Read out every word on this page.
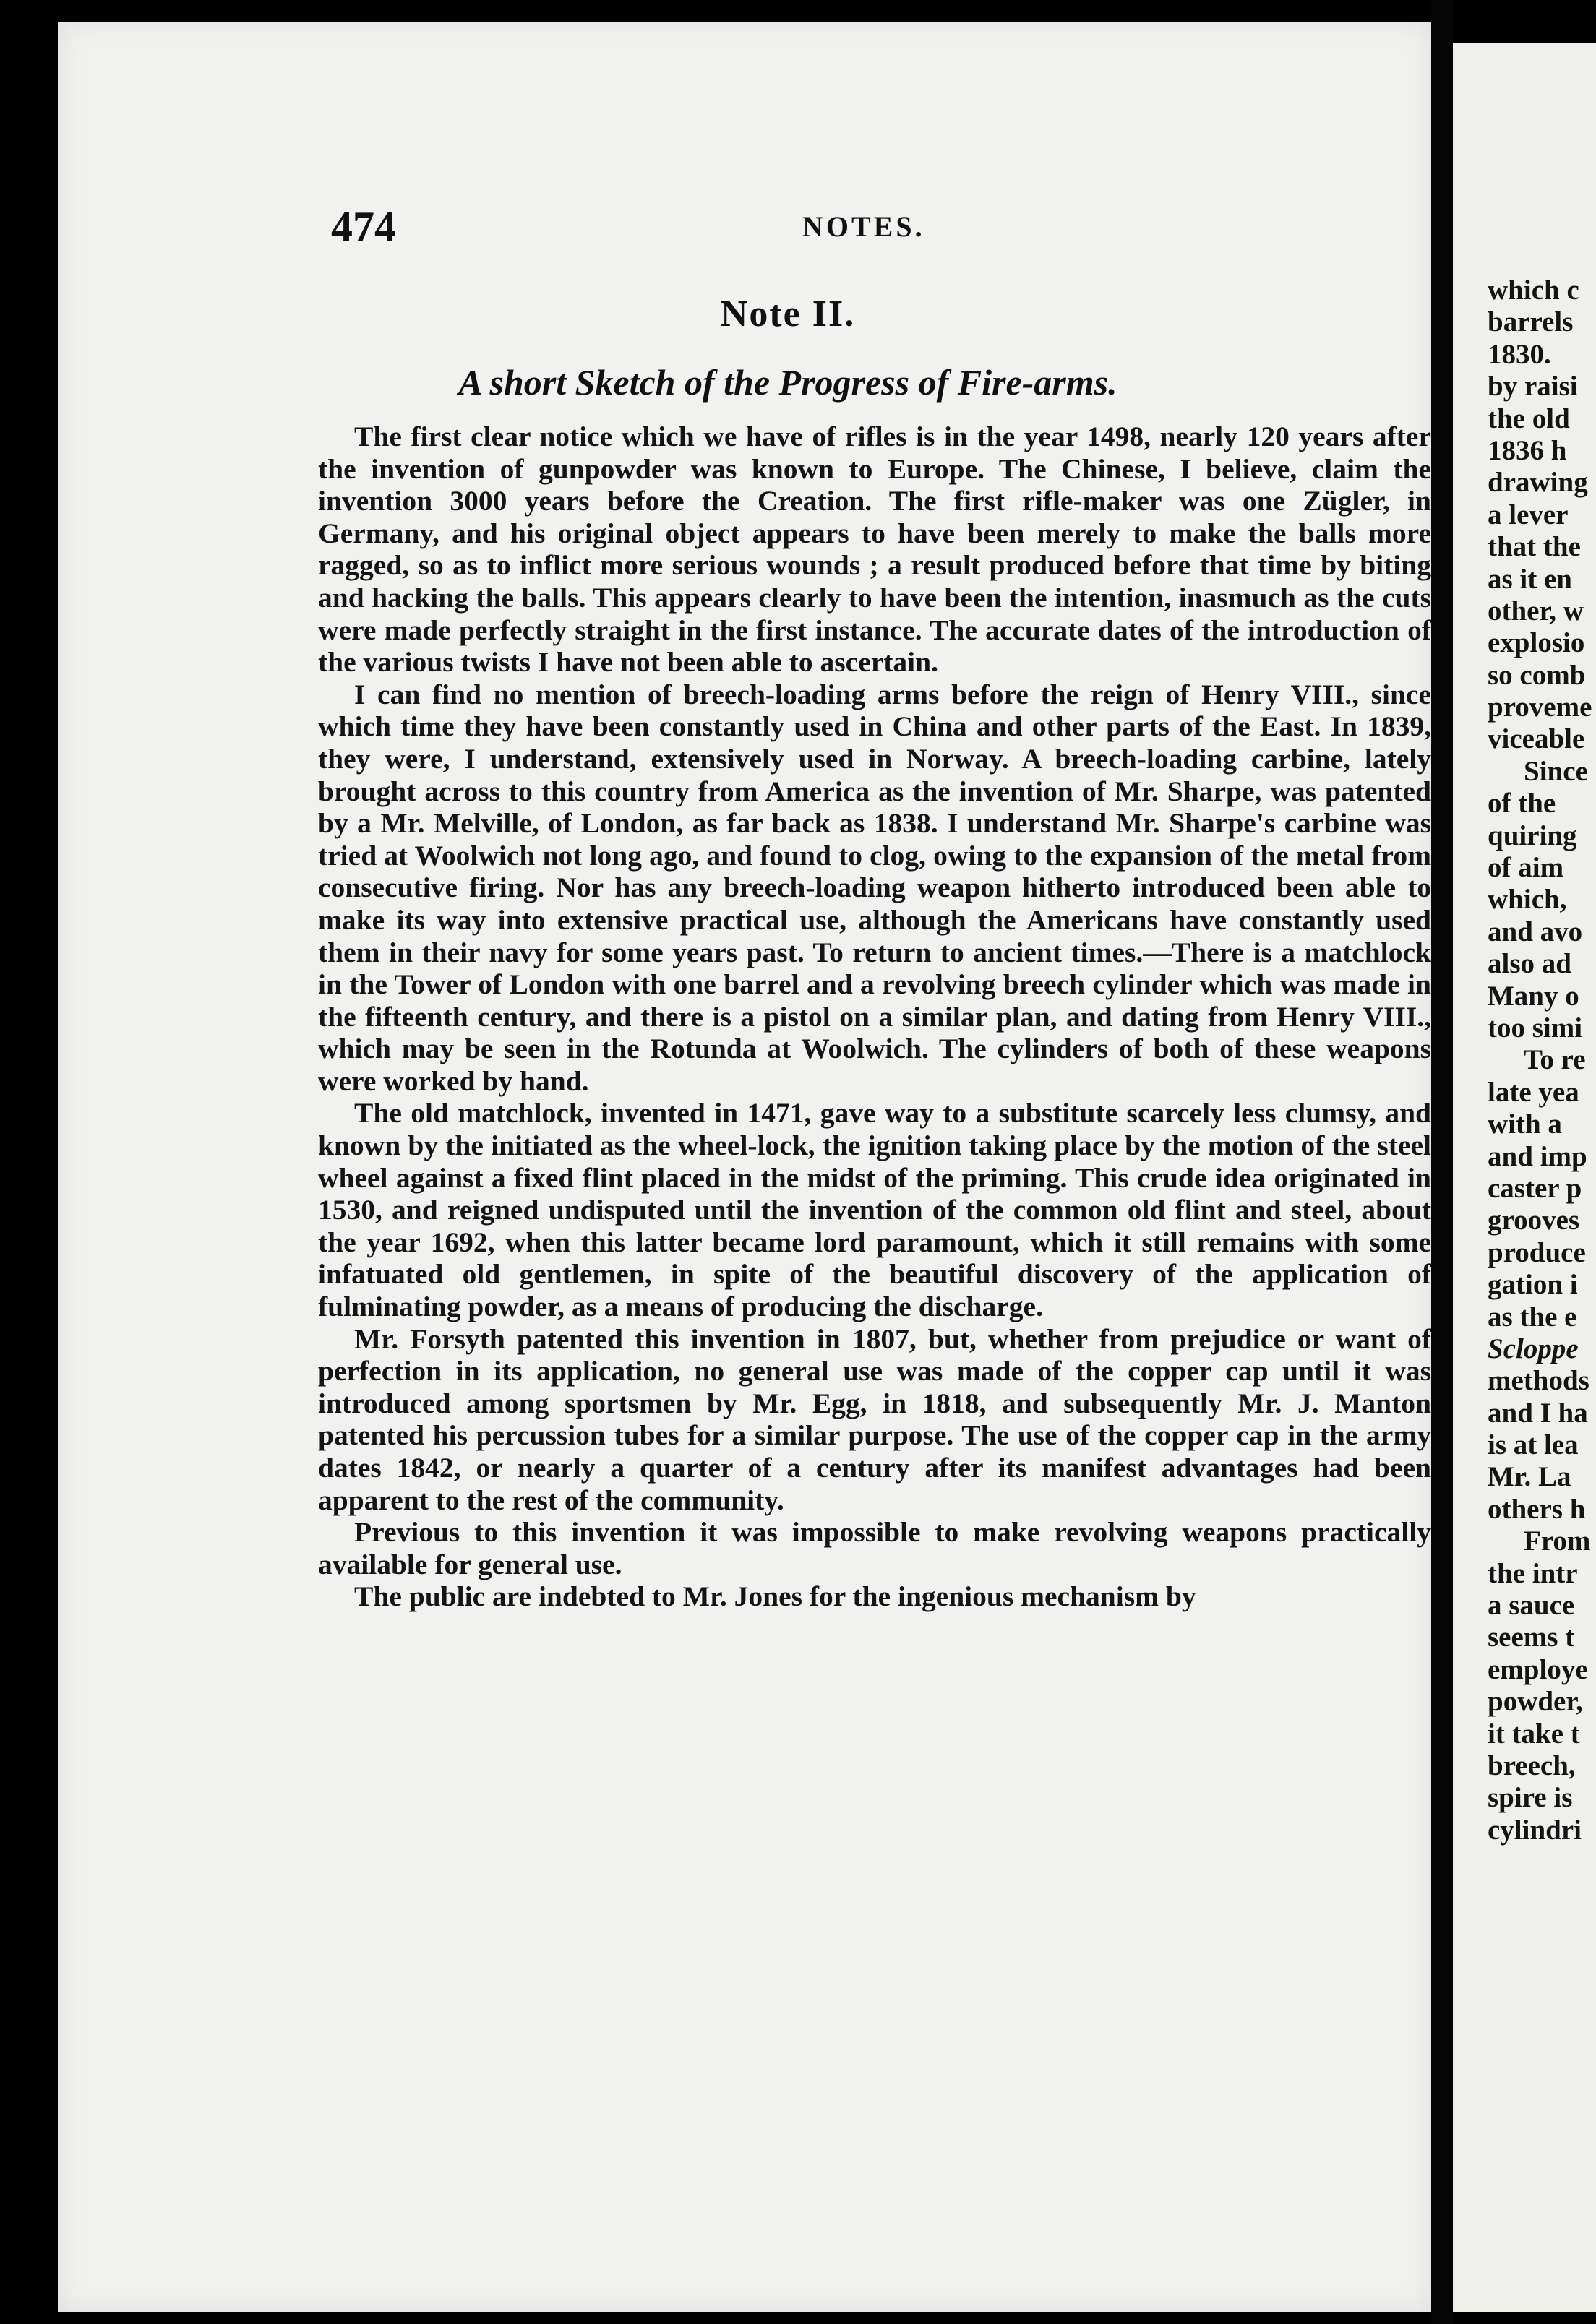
474	NOTES.
Note II.
A short Sketch of the Progress of Fire-arms.

The first clear notice which we have of rifles is in the year 1498, nearly 120 years after the invention of gunpowder was known to Europe. The Chinese, I believe, claim the invention 3000 years before the Creation. The first rifle-maker was one Zügler, in Germany, and his original object appears to have been merely to make the balls more ragged, so as to inflict more serious wounds ; a result produced before that time by biting and hacking the balls. This appears clearly to have been the intention, inasmuch as the cuts were made perfectly straight in the first instance. The accurate dates of the introduction of the various twists I have not been able to ascertain.

I can find no mention of breech-loading arms before the reign of Henry VIII., since which time they have been constantly used in China and other parts of the East. In 1839, they were, I understand, extensively used in Norway. A breech-loading carbine, lately brought across to this country from America as the invention of Mr. Sharpe, was patented by a Mr. Melville, of London, as far back as 1838. I understand Mr. Sharpe's carbine was tried at Woolwich not long ago, and found to clog, owing to the expansion of the metal from consecutive firing. Nor has any breech-loading weapon hitherto introduced been able to make its way into extensive practical use, although the Americans have constantly used them in their navy for some years past. To return to ancient times.—There is a matchlock in the Tower of London with one barrel and a revolving breech cylinder which was made in the fifteenth century, and there is a pistol on a similar plan, and dating from Henry VIII., which may be seen in the Rotunda at Woolwich. The cylinders of both of these weapons were worked by hand.

The old matchlock, invented in 1471, gave way to a substitute scarcely less clumsy, and known by the initiated as the wheel-lock, the ignition taking place by the motion of the steel wheel against a fixed flint placed in the midst of the priming. This crude idea originated in 1530, and reigned undisputed until the invention of the common old flint and steel, about the year 1692, when this latter became lord paramount, which it still remains with some infatuated old gentlemen, in spite of the beautiful discovery of the application of fulminating powder, as a means of producing the discharge.

Mr. Forsyth patented this invention in 1807, but, whether from prejudice or want of perfection in its application, no general use was made of the copper cap until it was introduced among sportsmen by Mr. Egg, in 1818, and subsequently Mr. J. Manton patented his percussion tubes for a similar purpose. The use of the copper cap in the army dates 1842, or nearly a quarter of a century after its manifest advantages had been apparent to the rest of the community.

Previous to this invention it was impossible to make revolving weapons practically available for general use.

The public are indebted to Mr. Jones for the ingenious mechanism by

which c
barrels
1830.
by raisi
the old
1836 h
drawing
a lever
that the
as it en
other, w
explosio
so comb
proveme
viceable
Since
of the
quiring
of aim
which,
and avo
also ad
Many o
too simi
To re
late yea
with a
and imp
caster p
grooves
produce
gation i
as the e
Scloppe
methods
and I ha
is at lea
Mr. La
others h
From
the intr
a sauce
seems t
employe
powder,
it take t
breech,
spire is
cylindri
